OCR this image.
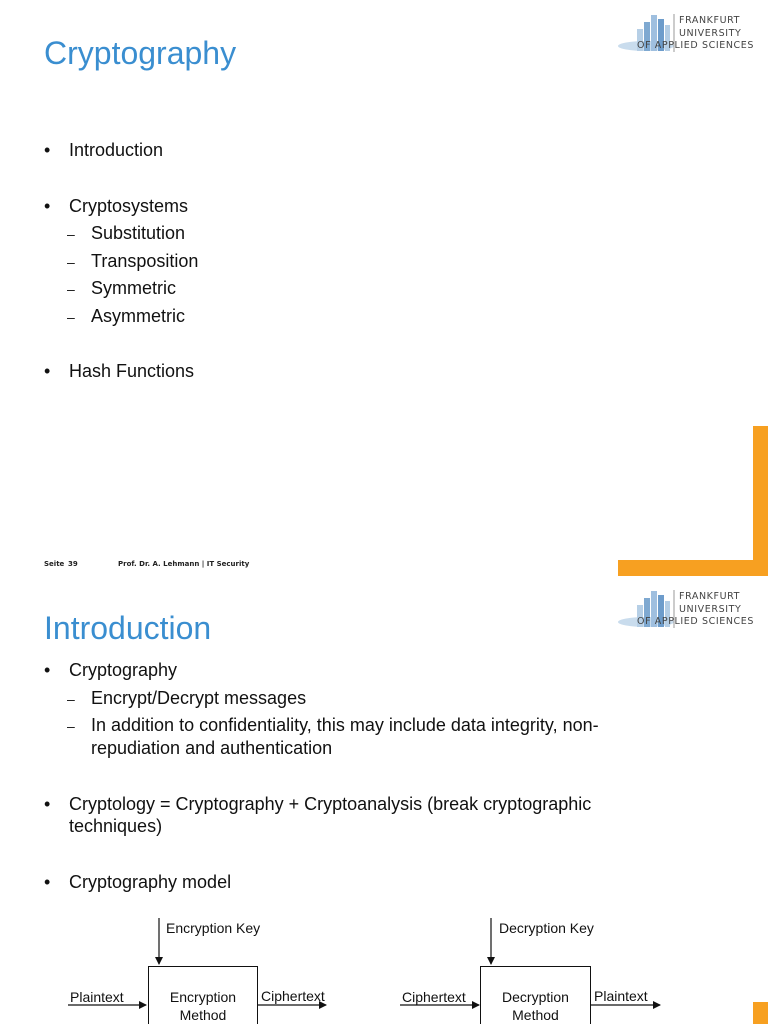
Cryptography
FRANKFURT
UNIVERSITY
OF APPLIED SCIENCES
• Introduction
• Cryptosystems
– Substitution
– Transposition
– Symmetric
– Asymmetric
• Hash Functions
Seite 39	Prof. Dr. A. Lehmann | IT Security
Introduction
FRANKFURT
UNIVERSITY
OF APPLIED SCIENCES
• Cryptography
– Encrypt/Decrypt messages
– In addition to confidentiality, this may include data integrity, non-
repudiation and authentication
• Cryptology = Cryptography + Cryptoanalysis (break cryptographic
techniques)
• Cryptography model
Encryption Key
Plaintext	Encryption
Method
Ciphertext
Decryption Key
Ciphertext	Decryption
Method
Plaintext
